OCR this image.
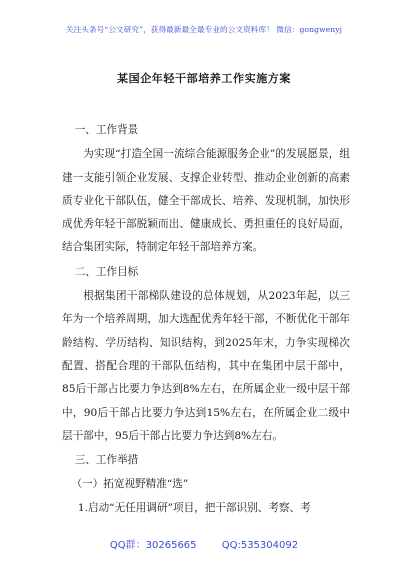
关注头条号“公文研究”，获得最新最全最专业的公文资料库！ 微信：gongwenyj
某国企年轻干部培养工作实施方案

一、工作背景

为实现“打造全国一流综合能源服务企业”的发展愿景，组建一支能引领企业发展、支撑企业转型、推动企业创新的高素质专业化干部队伍，健全干部成长、培养、发现机制，加快形成优秀年轻干部脱颖而出、健康成长、勇担重任的良好局面，结合集团实际，特制定年轻干部培养方案。

二、工作目标

根据集团干部梯队建设的总体规划，从2023年起，以三年为一个培养周期，加大选配优秀年轻干部，不断优化干部年龄结构、学历结构、知识结构，到2025年末，力争实现梯次配置、搭配合理的干部队伍结构，其中在集团中层干部中，85后干部占比要力争达到8%左右，在所属企业一级中层干部中，90后干部占比要力争达到15%左右，在所属企业二级中层干部中，95后干部占比要力争达到8%左右。

三、工作举措

（一）拓宽视野精准“选”

1.启动“无任用调研”项目，把干部识别、考察、考

QQ群：30265665	QQ:535304092
